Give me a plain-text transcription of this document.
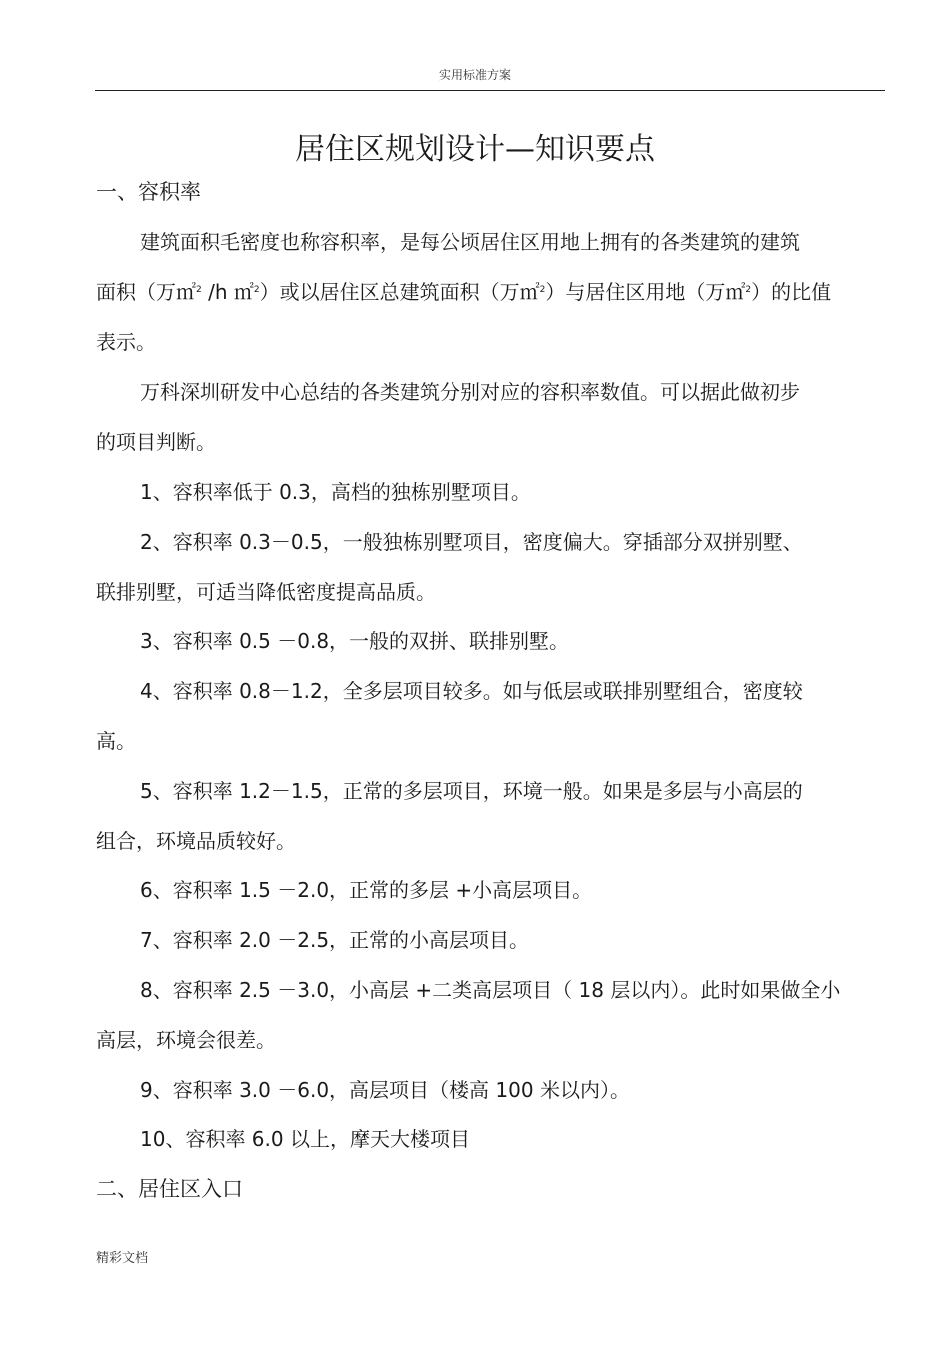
实用标准方案
居住区规划设计—知识要点
一、容积率
建筑面积毛密度也称容积率，是每公顷居住区用地上拥有的各类建筑的建筑
面积（万㎡$^2$ /h ㎡$^2$）或以居住区总建筑面积（万㎡$^2$）与居住区用地（万㎡$^2$）的比值
表示。
万科深圳研发中心总结的各类建筑分别对应的容积率数值。可以据此做初步
的项目判断。
1、容积率低于 0.3，高档的独栋别墅项目。
2、容积率 0.3－0.5，一般独栋别墅项目，密度偏大。穿插部分双拼别墅、
联排别墅，可适当降低密度提高品质。
3、容积率 0.5 －0.8，一般的双拼、联排别墅。
4、容积率 0.8－1.2，全多层项目较多。如与低层或联排别墅组合，密度较
高。
5、容积率 1.2－1.5，正常的多层项目，环境一般。如果是多层与小高层的
组合，环境品质较好。
6、容积率 1.5 －2.0，正常的多层 +小高层项目。
7、容积率 2.0 －2.5，正常的小高层项目。
8、容积率 2.5 －3.0，小高层 +二类高层项目（ 18 层以内）。此时如果做全小
高层，环境会很差。
9、容积率 3.0 －6.0，高层项目（楼高 100 米以内）。
10、容积率 6.0 以上，摩天大楼项目
二、居住区入口
精彩文档
